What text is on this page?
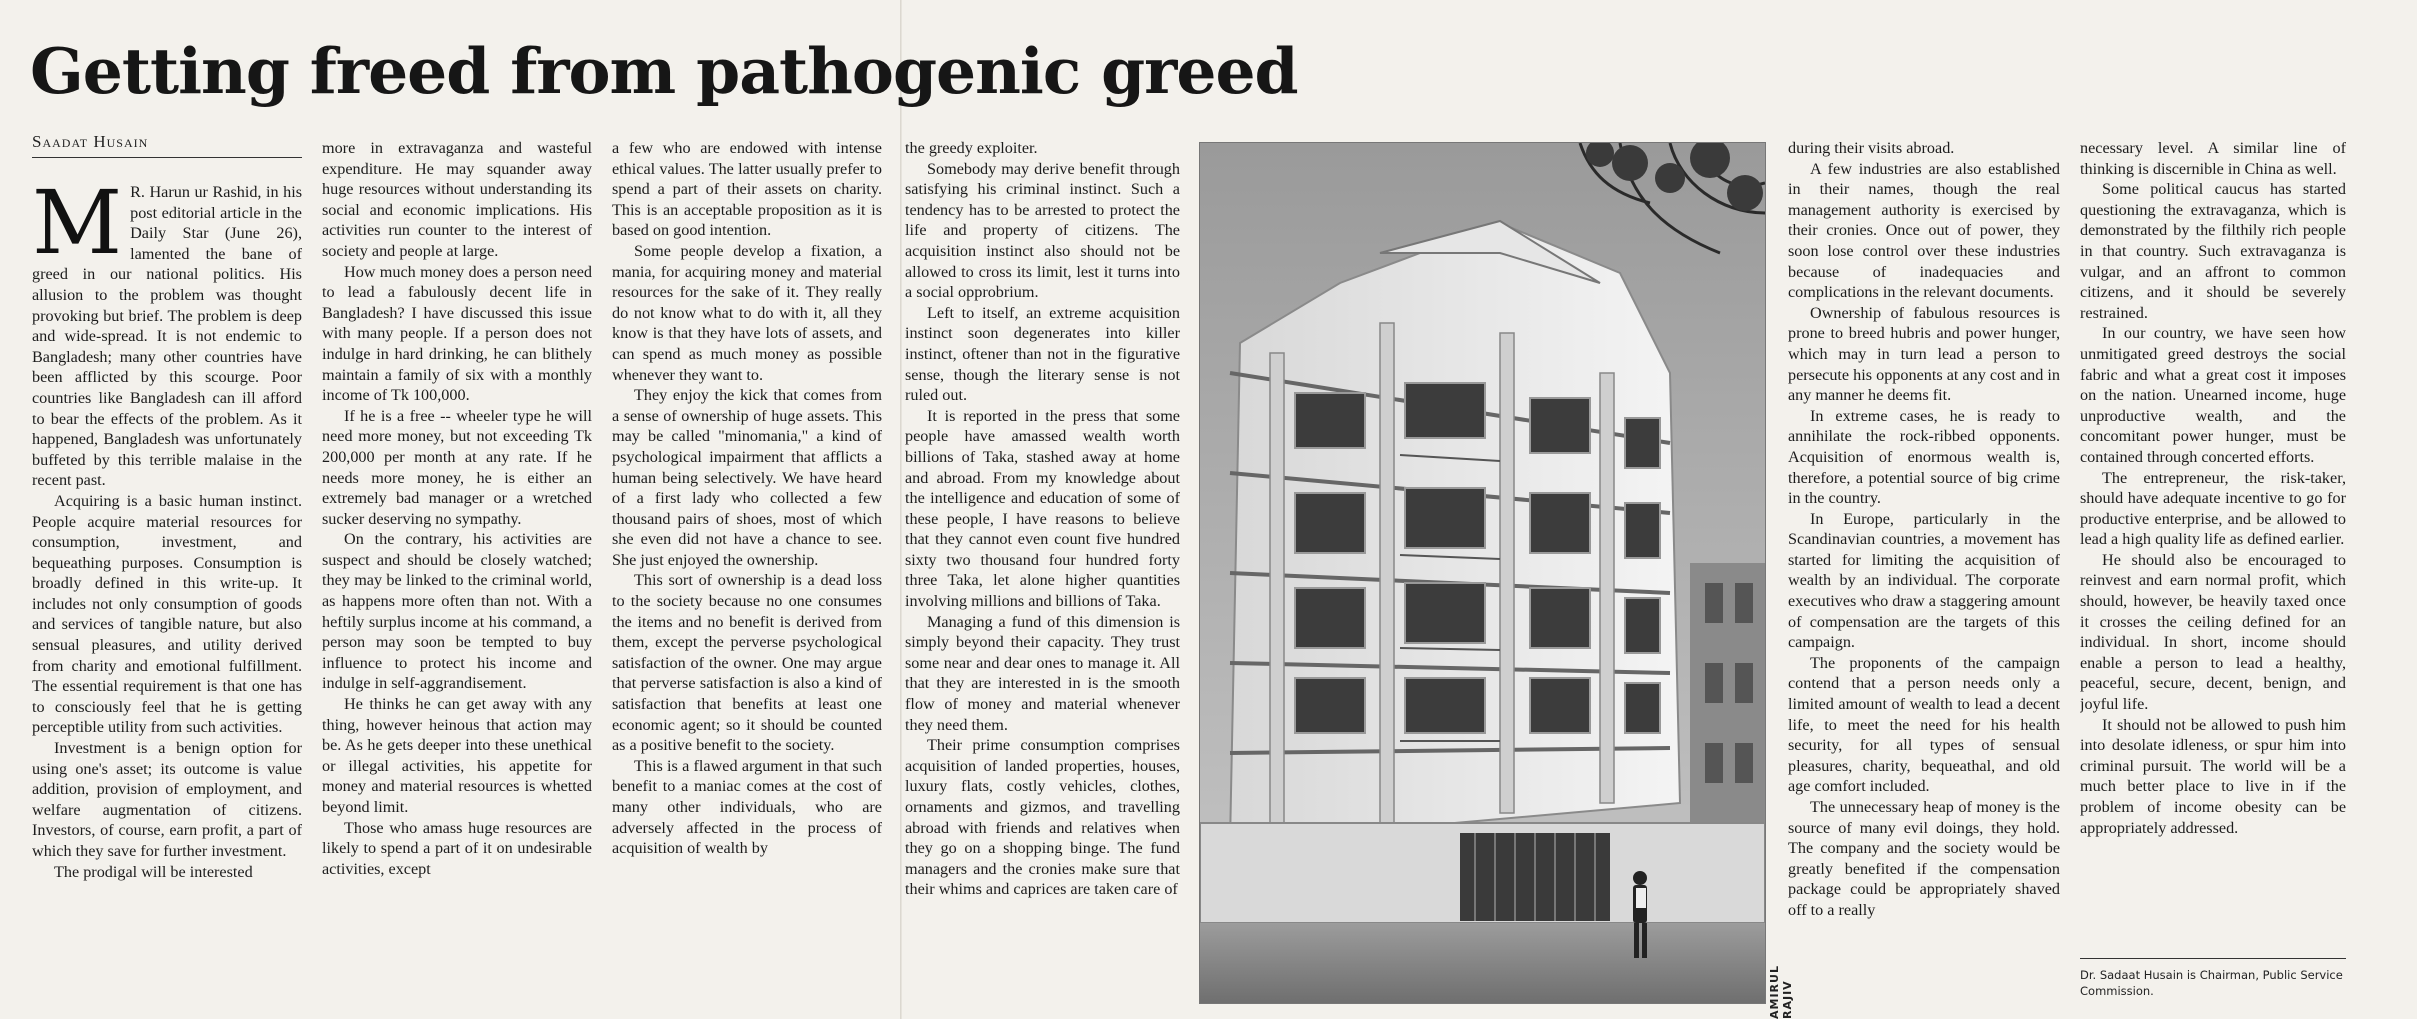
Getting freed from pathogenic greed
Saadat Husain

M R. Harun ur Rashid, in his post editorial article in the Daily Star (June 26), lamented the bane of greed in our national politics. His allusion to the problem was thought provoking but brief. The problem is deep and wide-spread. It is not endemic to Bangladesh; many other countries have been afflicted by this scourge. Poor countries like Bangladesh can ill afford to bear the effects of the problem. As it happened, Bangladesh was unfortunately buffeted by this terrible malaise in the recent past.

Acquiring is a basic human instinct. People acquire material resources for consumption, investment, and bequeathing purposes. Consumption is broadly defined in this write-up. It includes not only consumption of goods and services of tangible nature, but also sensual pleasures, and utility derived from charity and emotional fulfillment. The essential requirement is that one has to consciously feel that he is getting perceptible utility from such activities.

Investment is a benign option for using one's asset; its outcome is value addition, provision of employment, and welfare augmentation of citizens. Investors, of course, earn profit, a part of which they save for further investment.

The prodigal will be interested

more in extravaganza and wasteful expenditure. He may squander away huge resources without understanding its social and economic implications. His activities run counter to the interest of society and people at large.

How much money does a person need to lead a fabulously decent life in Bangladesh? I have discussed this issue with many people. If a person does not indulge in hard drinking, he can blithely maintain a family of six with a monthly income of Tk 100,000.

If he is a free -- wheeler type he will need more money, but not exceeding Tk 200,000 per month at any rate. If he needs more money, he is either an extremely bad manager or a wretched sucker deserving no sympathy.

On the contrary, his activities are suspect and should be closely watched; they may be linked to the criminal world, as happens more often than not. With a heftily surplus income at his command, a person may soon be tempted to buy influence to protect his income and indulge in self-aggrandisement.

He thinks he can get away with any thing, however heinous that action may be. As he gets deeper into these unethical or illegal activities, his appetite for money and material resources is whetted beyond limit.

Those who amass huge resources are likely to spend a part of it on undesirable activities, except

a few who are endowed with intense ethical values. The latter usually prefer to spend a part of their assets on charity. This is an acceptable proposition as it is based on good intention.

Some people develop a fixation, a mania, for acquiring money and material resources for the sake of it. They really do not know what to do with it, all they know is that they have lots of assets, and can spend as much money as possible whenever they want to.

They enjoy the kick that comes from a sense of ownership of huge assets. This may be called "minomania," a kind of psychological impairment that afflicts a human being selectively. We have heard of a first lady who collected a few thousand pairs of shoes, most of which she even did not have a chance to see. She just enjoyed the ownership.

This sort of ownership is a dead loss to the society because no one consumes the items and no benefit is derived from them, except the perverse psychological satisfaction of the owner. One may argue that perverse satisfaction is also a kind of satisfaction that benefits at least one economic agent; so it should be counted as a positive benefit to the society.

This is a flawed argument in that such benefit to a maniac comes at the cost of many other individuals, who are adversely affected in the process of acquisition of wealth by

the greedy exploiter.

Somebody may derive benefit through satisfying his criminal instinct. Such a tendency has to be arrested to protect the life and property of citizens. The acquisition instinct also should not be allowed to cross its limit, lest it turns into a social opprobrium.

Left to itself, an extreme acquisition instinct soon degenerates into killer instinct, oftener than not in the figurative sense, though the literary sense is not ruled out.

It is reported in the press that some people have amassed wealth worth billions of Taka, stashed away at home and abroad. From my knowledge about the intelligence and education of some of these people, I have reasons to believe that they cannot even count five hundred sixty two thousand four hundred forty three Taka, let alone higher quantities involving millions and billions of Taka.

Managing a fund of this dimension is simply beyond their capacity. They trust some near and dear ones to manage it. All that they are interested in is the smooth flow of money and material whenever they need them.

Their prime consumption comprises acquisition of landed properties, houses, luxury flats, costly vehicles, clothes, ornaments and gizmos, and travelling abroad with friends and relatives when they go on a shopping binge. The fund managers and the cronies make sure that their whims and caprices are taken care of

AMIRUL RAJIV

during their visits abroad.

A few industries are also established in their names, though the real management authority is exercised by their cronies. Once out of power, they soon lose control over these industries because of inadequacies and complications in the relevant documents.

Ownership of fabulous resources is prone to breed hubris and power hunger, which may in turn lead a person to persecute his opponents at any cost and in any manner he deems fit.

In extreme cases, he is ready to annihilate the rock-ribbed opponents. Acquisition of enormous wealth is, therefore, a potential source of big crime in the country.

In Europe, particularly in the Scandinavian countries, a movement has started for limiting the acquisition of wealth by an individual. The corporate executives who draw a staggering amount of compensation are the targets of this campaign.

The proponents of the campaign contend that a person needs only a limited amount of wealth to lead a decent life, to meet the need for his health security, for all types of sensual pleasures, charity, bequeathal, and old age comfort included.

The unnecessary heap of money is the source of many evil doings, they hold. The company and the society would be greatly benefited if the compensation package could be appropriately shaved off to a really

necessary level. A similar line of thinking is discernible in China as well.

Some political caucus has started questioning the extravaganza, which is demonstrated by the filthily rich people in that country. Such extravaganza is vulgar, and an affront to common citizens, and it should be severely restrained.

In our country, we have seen how unmitigated greed destroys the social fabric and what a great cost it imposes on the nation. Unearned income, huge unproductive wealth, and the concomitant power hunger, must be contained through concerted efforts.

The entrepreneur, the risk-taker, should have adequate incentive to go for productive enterprise, and be allowed to lead a high quality life as defined earlier.

He should also be encouraged to reinvest and earn normal profit, which should, however, be heavily taxed once it crosses the ceiling defined for an individual. In short, income should enable a person to lead a healthy, peaceful, secure, decent, benign, and joyful life.

It should not be allowed to push him into desolate idleness, or spur him into criminal pursuit. The world will be a much better place to live in if the problem of income obesity can be appropriately addressed.

Dr. Sadaat Husain is Chairman, Public Service Commission.
